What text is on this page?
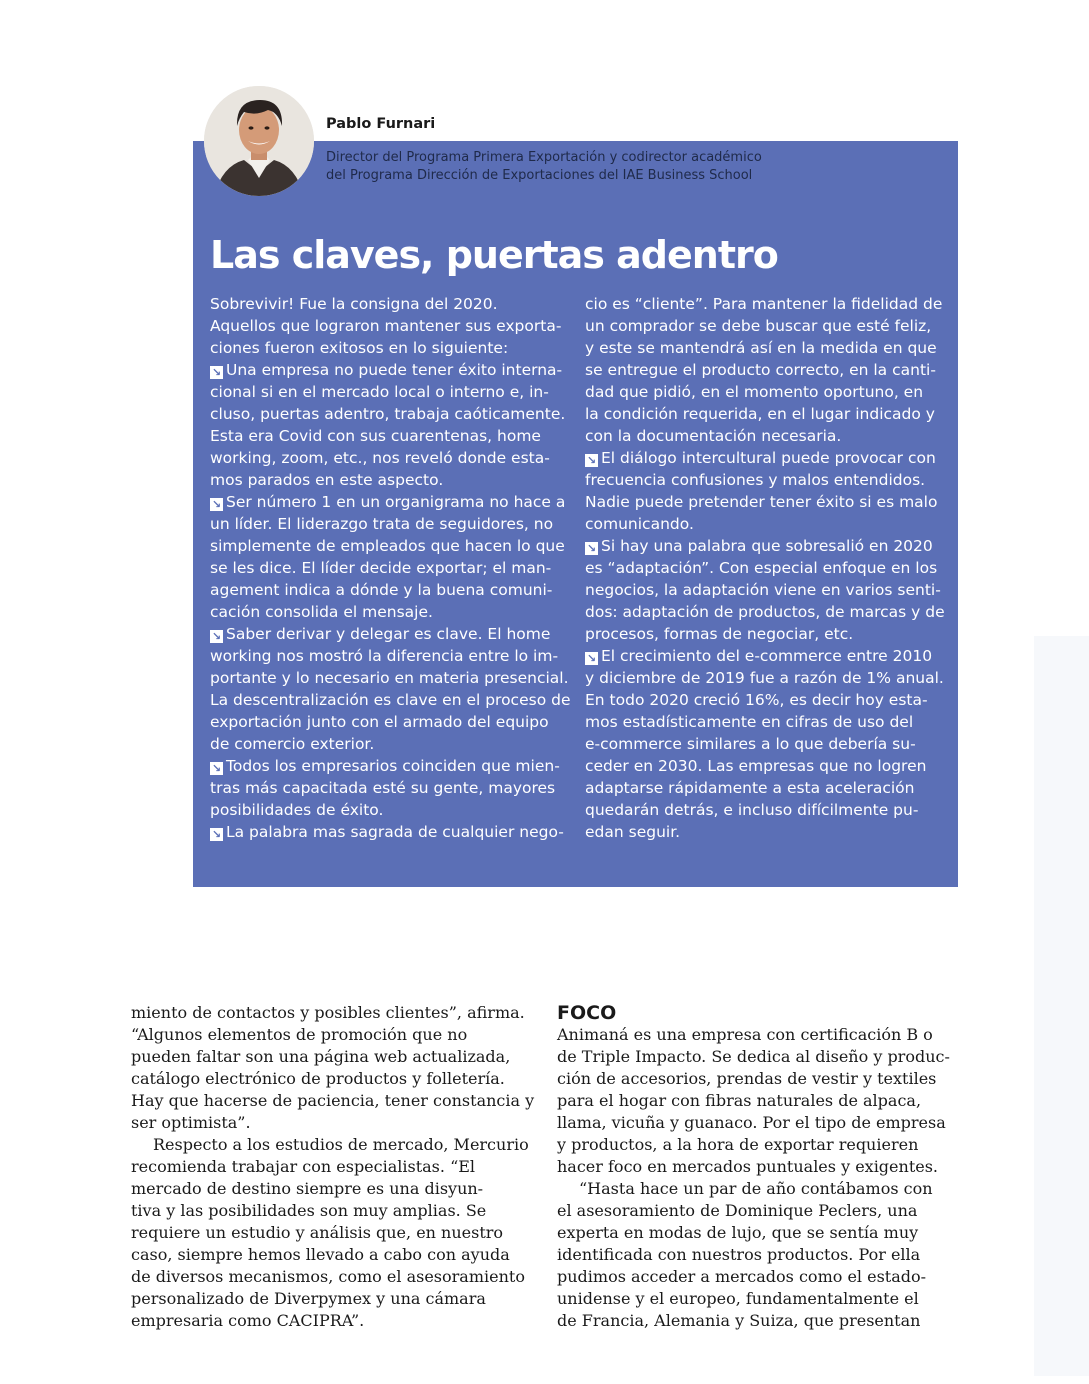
Pablo Furnari
Director del Programa Primera Exportación y codirector académico
del Programa Dirección de Exportaciones del IAE Business School
Las claves, puertas adentro
Sobrevivir! Fue la consigna del 2020.
Aquellos que lograron mantener sus exporta-
ciones fueron exitosos en lo siguiente:
↘ Una empresa no puede tener éxito interna-
cional si en el mercado local o interno e, in-
cluso, puertas adentro, trabaja caóticamente.
Esta era Covid con sus cuarentenas, home
working, zoom, etc., nos reveló donde esta-
mos parados en este aspecto.
↘ Ser número 1 en un organigrama no hace a
un líder. El liderazgo trata de seguidores, no
simplemente de empleados que hacen lo que
se les dice. El líder decide exportar; el man-
agement indica a dónde y la buena comuni-
cación consolida el mensaje.
↘ Saber derivar y delegar es clave. El home
working nos mostró la diferencia entre lo im-
portante y lo necesario en materia presencial.
La descentralización es clave en el proceso de
exportación junto con el armado del equipo
de comercio exterior.
↘ Todos los empresarios coinciden que mien-
tras más capacitada esté su gente, mayores
posibilidades de éxito.
↘ La palabra mas sagrada de cualquier nego-
cio es “cliente”. Para mantener la fidelidad de
un comprador se debe buscar que esté feliz,
y este se mantendrá así en la medida en que
se entregue el producto correcto, en la canti-
dad que pidió, en el momento oportuno, en
la condición requerida, en el lugar indicado y
con la documentación necesaria.
↘ El diálogo intercultural puede provocar con
frecuencia confusiones y malos entendidos.
Nadie puede pretender tener éxito si es malo
comunicando.
↘ Si hay una palabra que sobresalió en 2020
es “adaptación”. Con especial enfoque en los
negocios, la adaptación viene en varios senti-
dos: adaptación de productos, de marcas y de
procesos, formas de negociar, etc.
↘ El crecimiento del e-commerce entre 2010
y diciembre de 2019 fue a razón de 1% anual.
En todo 2020 creció 16%, es decir hoy esta-
mos estadísticamente en cifras de uso del
e-commerce similares a lo que debería su-
ceder en 2030. Las empresas que no logren
adaptarse rápidamente a esta aceleración
quedarán detrás, e incluso difícilmente pu-
edan seguir.
miento de contactos y posibles clientes”, afirma.
“Algunos elementos de promoción que no
pueden faltar son una página web actualizada,
catálogo electrónico de productos y folletería.
Hay que hacerse de paciencia, tener constancia y
ser optimista”.
Respecto a los estudios de mercado, Mercurio
recomienda trabajar con especialistas. “El
mercado de destino siempre es una disyun-
tiva y las posibilidades son muy amplias. Se
requiere un estudio y análisis que, en nuestro
caso, siempre hemos llevado a cabo con ayuda
de diversos mecanismos, como el asesoramiento
personalizado de Diverpymex y una cámara
empresaria como CACIPRA”.
FOCO
Animaná es una empresa con certificación B o
de Triple Impacto. Se dedica al diseño y produc-
ción de accesorios, prendas de vestir y textiles
para el hogar con fibras naturales de alpaca,
llama, vicuña y guanaco. Por el tipo de empresa
y productos, a la hora de exportar requieren
hacer foco en mercados puntuales y exigentes.
“Hasta hace un par de año contábamos con
el asesoramiento de Dominique Peclers, una
experta en modas de lujo, que se sentía muy
identificada con nuestros productos. Por ella
pudimos acceder a mercados como el estado-
unidense y el europeo, fundamentalmente el
de Francia, Alemania y Suiza, que presentan
